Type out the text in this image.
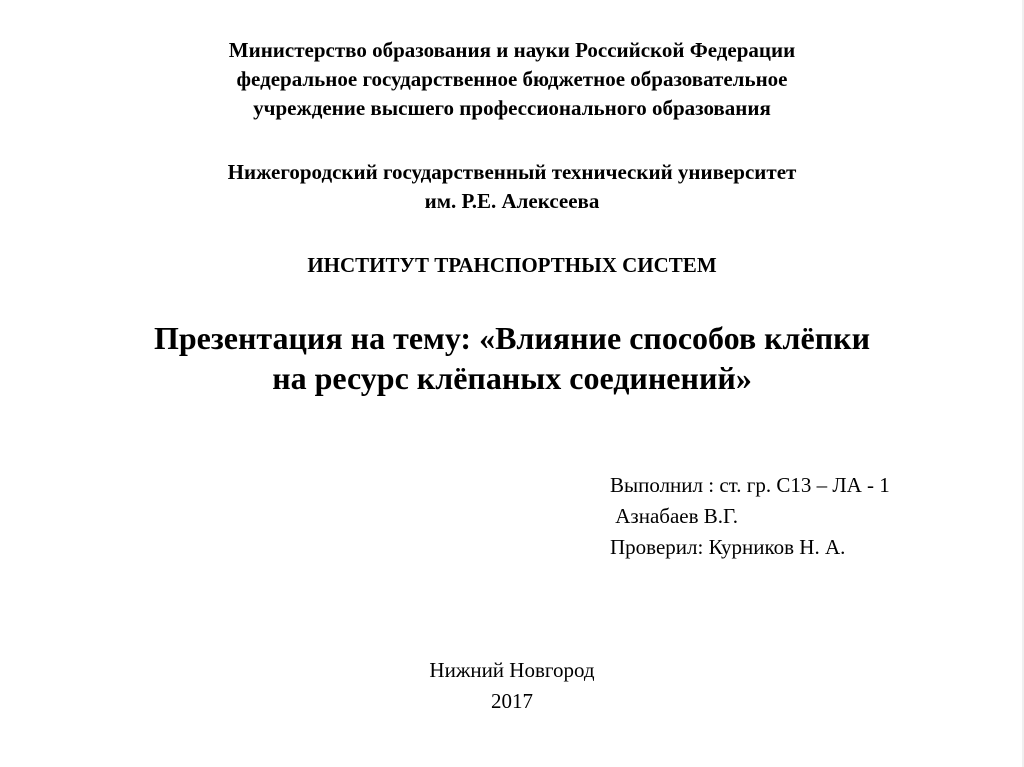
Министерство образования и науки Российской Федерации
федеральное государственное бюджетное образовательное
учреждение высшего профессионального образования
Нижегородский государственный технический университет
им. Р.Е. Алексеева
ИНСТИТУТ ТРАНСПОРТНЫХ СИСТЕМ
Презентация на тему: «Влияние способов клёпки
на ресурс клёпаных соединений»
Выполнил : ст. гр. С13 – ЛА - 1
Азнабаев В.Г.
Проверил: Курников Н. А.
Нижний Новгород
2017
